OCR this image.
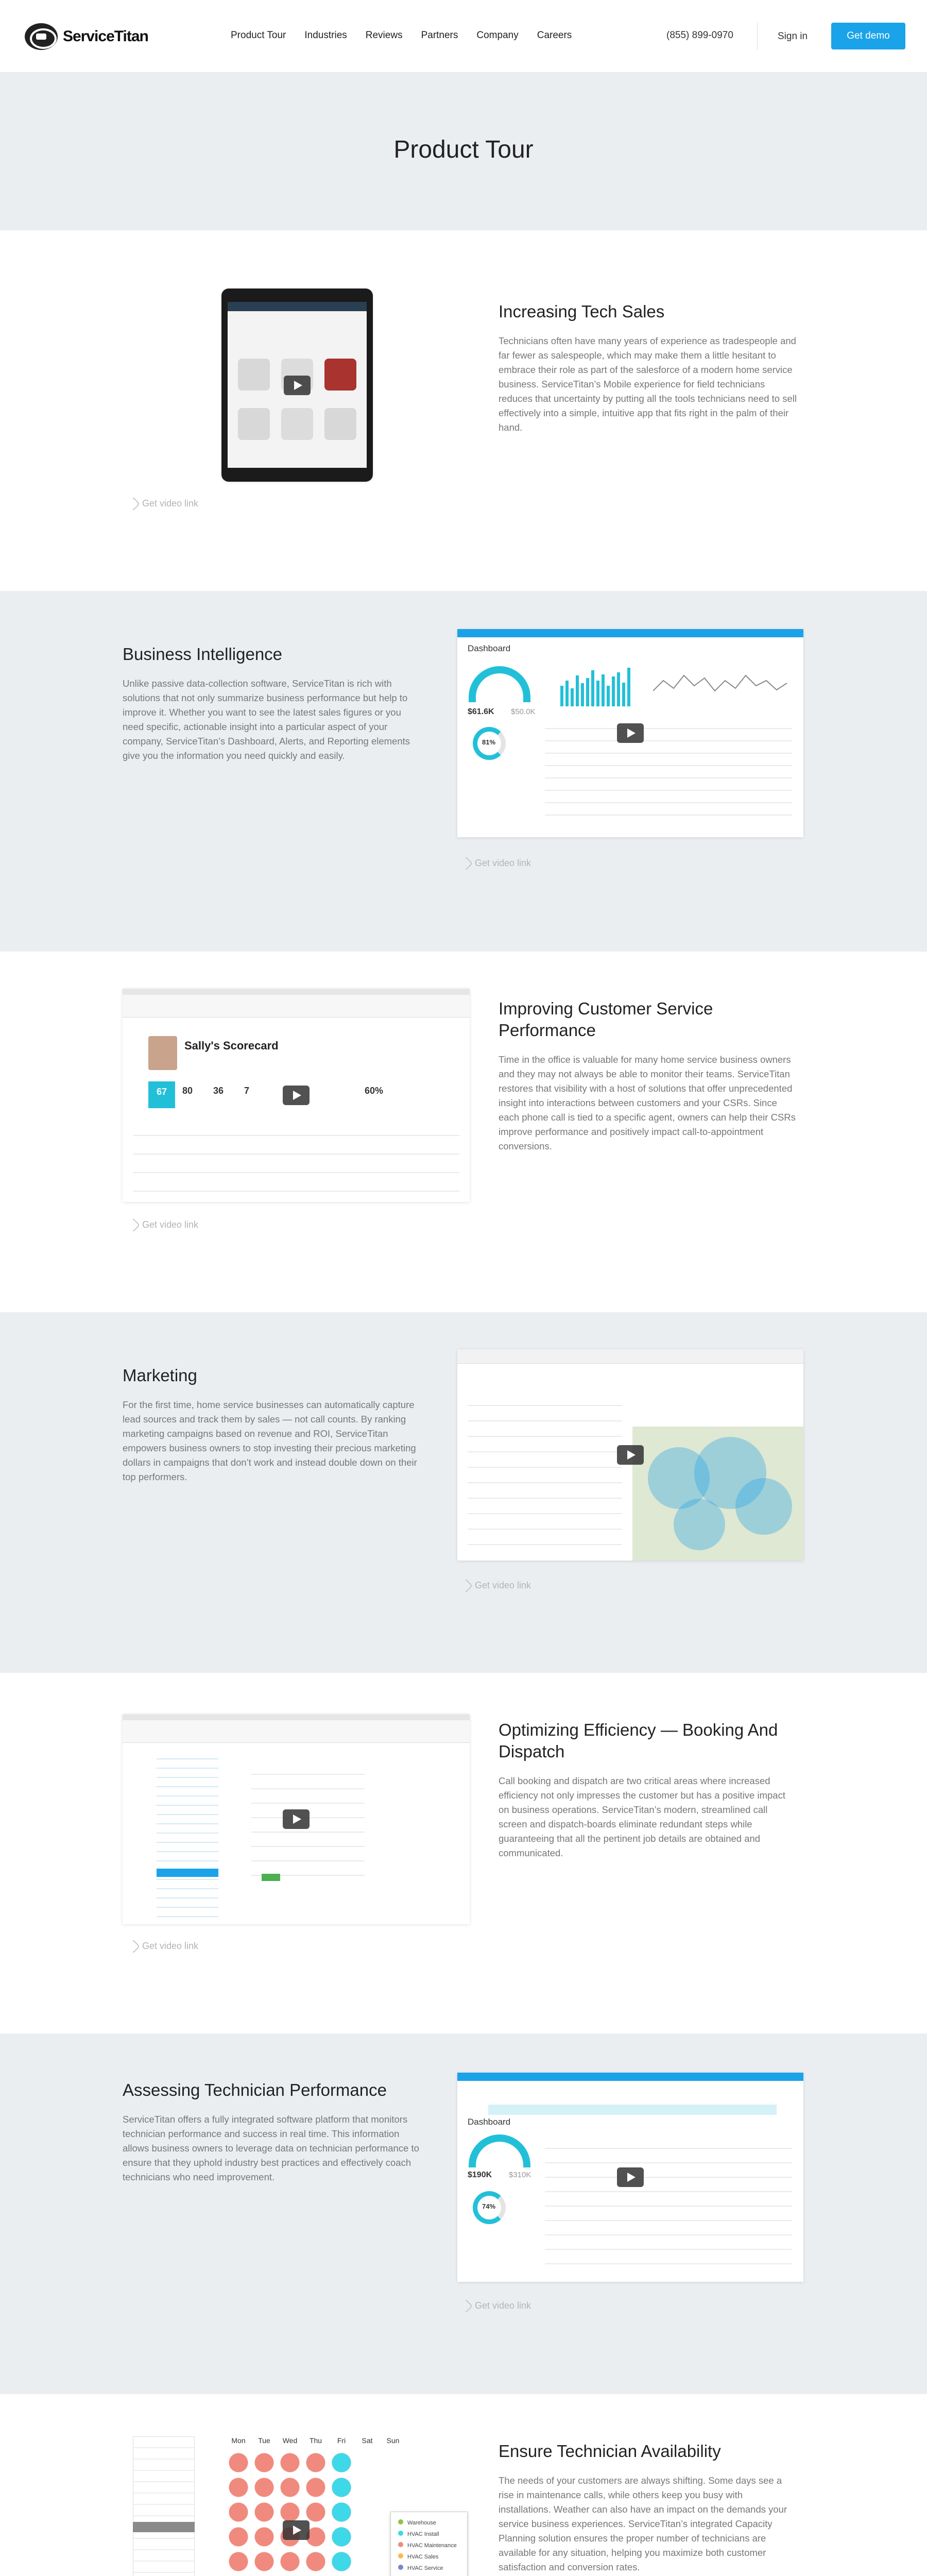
ServiceTitan	Product Tour Industries Reviews Partners Company Careers	(855) 899-0970	Sign in	Get demo
Product Tour
Get video link
Increasing Tech Sales

Technicians often have many years of experience as tradespeople and far fewer as salespeople, which may make them a little hesitant to embrace their role as part of the salesforce of a modern home service business. ServiceTitan’s Mobile experience for field technicians reduces that uncertainty by putting all the tools technicians need to sell effectively into a simple, intuitive app that fits right in the palm of their hand.

Business Intelligence

Unlike passive data-collection software, ServiceTitan is rich with solutions that not only summarize business performance but help to improve it. Whether you want to see the latest sales figures or you need specific, actionable insight into a particular aspect of your company, ServiceTitan’s Dashboard, Alerts, and Reporting elements give you the information you need quickly and easily.

Dashboard
$61.6K $50.0K
81%
Get video link
Sally's Scorecard
67	80 36 7	60%
Get video link
Improving Customer Service Performance

Time in the office is valuable for many home service business owners and they may not always be able to monitor their teams. ServiceTitan restores that visibility with a host of solutions that offer unprecedented insight into interactions between customers and your CSRs. Since each phone call is tied to a specific agent, owners can help their CSRs improve performance and positively impact call-to-appointment conversions.

Marketing

For the first time, home service businesses can automatically capture lead sources and track them by sales — not call counts. By ranking marketing campaigns based on revenue and ROI, ServiceTitan empowers business owners to stop investing their precious marketing dollars in campaigns that don’t work and instead double down on their top performers.

Get video link
Get video link
Optimizing Efficiency — Booking And Dispatch

Call booking and dispatch are two critical areas where increased efficiency not only impresses the customer but has a positive impact on business operations. ServiceTitan’s modern, streamlined call screen and dispatch-boards eliminate redundant steps while guaranteeing that all the pertinent job details are obtained and communicated.

Assessing Technician Performance

ServiceTitan offers a fully integrated software platform that monitors technician performance and success in real time. This information allows business owners to leverage data on technician performance to ensure that they uphold industry best practices and effectively coach technicians who need improvement.

Dashboard
$190K $310K
74%
Get video link
Mon	Tue	Wed	Thu	Fri	Sat	Sun
Warehouse
HVAC Install
HVAC Maintenance
HVAC Sales
HVAC Service
Ensure Technician Availability

The needs of your customers are always shifting. Some days see a rise in maintenance calls, while others keep you busy with installations. Weather can also have an impact on the demands your service business experiences. ServiceTitan’s integrated Capacity Planning solution ensures the proper number of technicians are available for any situation, helping you maximize both customer satisfaction and conversion rates.
